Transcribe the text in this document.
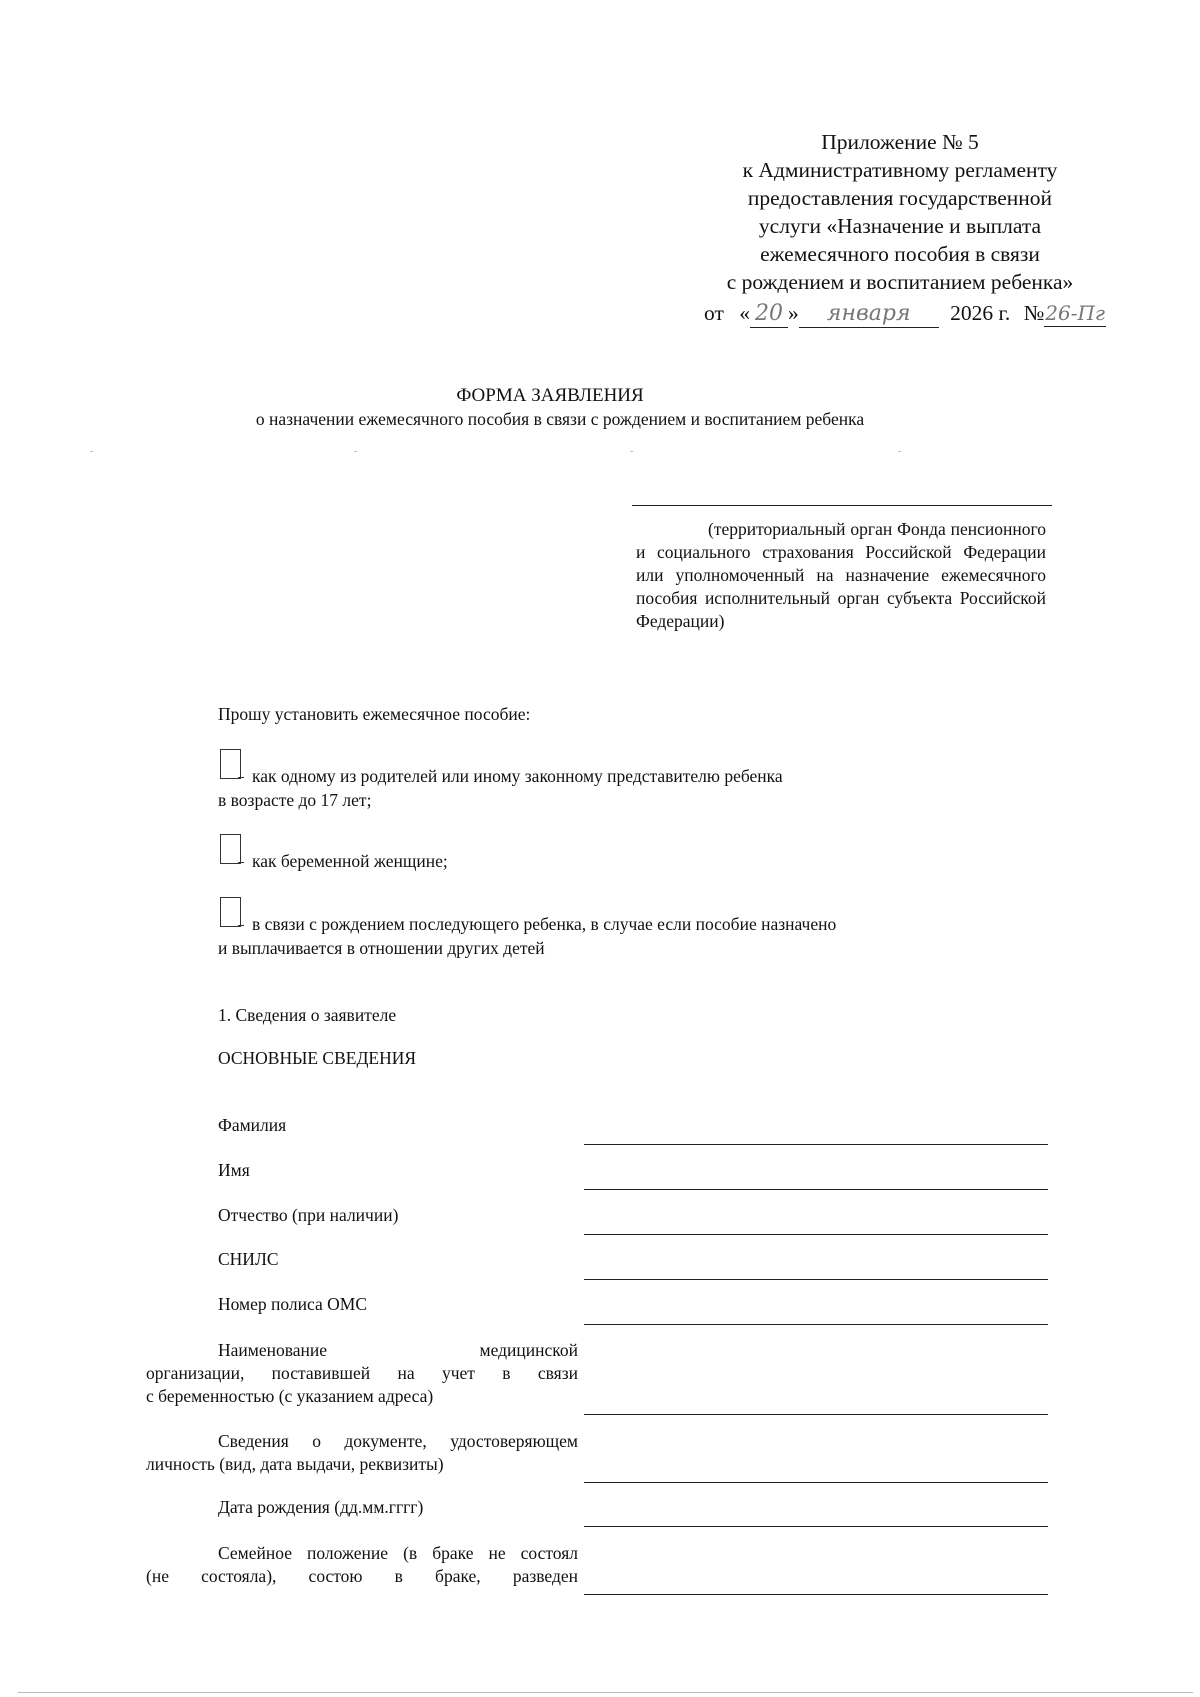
Приложение № 5
к Административному регламенту
предоставления государственной
услуги «Назначение и выплата
ежемесячного пособия в связи
с рождением и воспитанием ребенка»
от « 20 » января 2026 г. №26-Пг
ФОРМА ЗАЯВЛЕНИЯ
о назначении ежемесячного пособия в связи с рождением и воспитанием ребенка
-	-	-	-
(территориальный орган Фонда пенсионного и социального страхования Российской Федерации или уполномоченный на назначение ежемесячного пособия исполнительный орган субъекта Российской Федерации)
Прошу установить ежемесячное пособие:
как одному из родителей или иному законному представителю ребенка
в возрасте до 17 лет;
как беременной женщине;
в связи с рождением последующего ребенка, в случае если пособие назначено
и выплачивается в отношении других детей
1. Сведения о заявителе
ОСНОВНЫЕ СВЕДЕНИЯ
Фамилия
Имя
Отчество (при наличии)
СНИЛС
Номер полиса ОМС
Наименование медицинской
организации, поставившей на учет в связи
с беременностью (с указанием адреса)
Сведения о документе, удостоверяющем
личность (вид, дата выдачи, реквизиты)
Дата рождения (дд.мм.гггг)
Семейное положение (в браке не состоял
(не состояла), состою в браке, разведен
